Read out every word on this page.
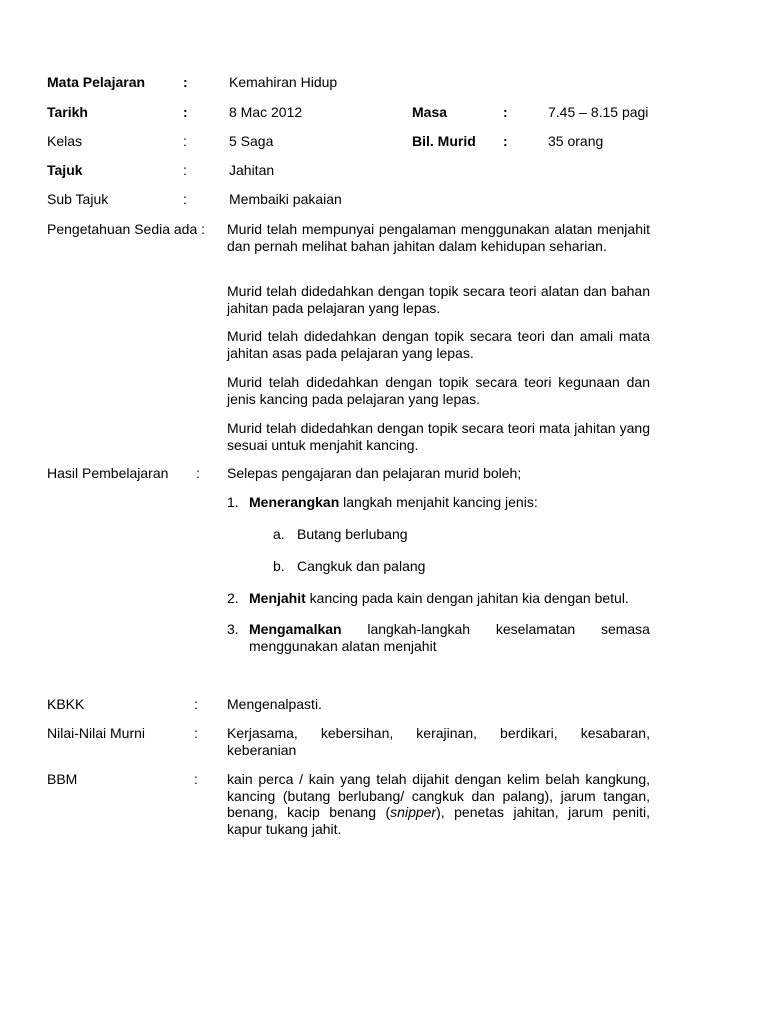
Mata Pelajaran	:	Kemahiran Hidup
Tarikh	:	8 Mac 2012	Masa	:	7.45 – 8.15 pagi
Kelas	:	5 Saga	Bil. Murid :	35 orang
Tajuk	:	Jahitan
Sub Tajuk	:	Membaiki pakaian
Pengetahuan Sedia ada : Murid telah mempunyai pengalaman menggunakan alatan menjahit dan pernah melihat bahan jahitan dalam kehidupan seharian.
Murid telah didedahkan dengan topik secara teori alatan dan bahan jahitan pada pelajaran yang lepas.
Murid telah didedahkan dengan topik secara teori dan amali mata jahitan asas pada pelajaran yang lepas.
Murid telah didedahkan dengan topik secara teori kegunaan dan jenis kancing pada pelajaran yang lepas.
Murid telah didedahkan dengan topik secara teori mata jahitan yang sesuai untuk menjahit kancing.
Hasil Pembelajaran : Selepas pengajaran dan pelajaran murid boleh;
1. Menerangkan langkah menjahit kancing jenis:
a. Butang berlubang
b. Cangkuk dan palang
2. Menjahit kancing pada kain dengan jahitan kia dengan betul.
3. Mengamalkan langkah-langkah keselamatan semasa
menggunakan alatan menjahit
KBKK	: Mengenalpasti.
Nilai-Nilai Murni	: Kerjasama, kebersihan, kerajinan, berdikari, kesabaran,
keberanian
BBM	: kain perca / kain yang telah dijahit dengan kelim belah kangkung,
kancing (butang berlubang/ cangkuk dan palang), jarum tangan,
benang, kacip benang (snipper), penetas jahitan, jarum peniti,
kapur tukang jahit.
